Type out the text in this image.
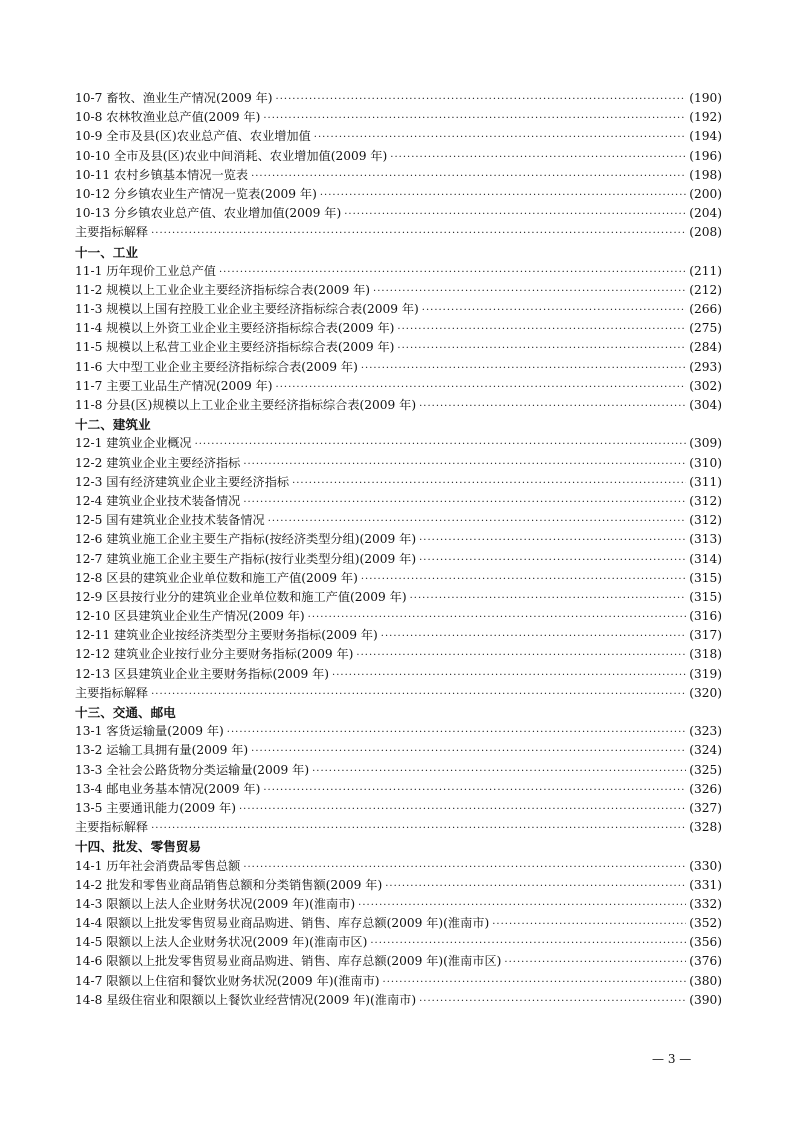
10-7 畜牧、渔业生产情况(2009 年) ·····	(190)
10-8 农林牧渔业总产值(2009 年) ·····	(192)
10-9 全市及县(区)农业总产值、农业增加值 ·····	(194)
10-10 全市及县(区)农业中间消耗、农业增加值(2009 年) ·····	(196)
10-11 农村乡镇基本情况一览表 ·····	(198)
10-12 分乡镇农业生产情况一览表(2009 年) ·····	(200)
10-13 分乡镇农业总产值、农业增加值(2009 年) ·····	(204)
主要指标解释 ·····	(208)
十一、工业
11-1 历年现价工业总产值 ·····	(211)
11-2 规模以上工业企业主要经济指标综合表(2009 年) ·····	(212)
11-3 规模以上国有控股工业企业主要经济指标综合表(2009 年) ·····	(266)
11-4 规模以上外资工业企业主要经济指标综合表(2009 年) ·····	(275)
11-5 规模以上私营工业企业主要经济指标综合表(2009 年) ·····	(284)
11-6 大中型工业企业主要经济指标综合表(2009 年) ·····	(293)
11-7 主要工业品生产情况(2009 年) ·····	(302)
11-8 分县(区)规模以上工业企业主要经济指标综合表(2009 年) ·····	(304)
十二、建筑业
12-1 建筑业企业概况 ·····	(309)
12-2 建筑业企业主要经济指标 ·····	(310)
12-3 国有经济建筑业企业主要经济指标 ·····	(311)
12-4 建筑业企业技术装备情况 ·····	(312)
12-5 国有建筑业企业技术装备情况 ·····	(312)
12-6 建筑业施工企业主要生产指标(按经济类型分组)(2009 年) ·····	(313)
12-7 建筑业施工企业主要生产指标(按行业类型分组)(2009 年) ·····	(314)
12-8 区县的建筑业企业单位数和施工产值(2009 年) ·····	(315)
12-9 区县按行业分的建筑业企业单位数和施工产值(2009 年) ·····	(315)
12-10 区县建筑业企业生产情况(2009 年) ·····	(316)
12-11 建筑业企业按经济类型分主要财务指标(2009 年) ·····	(317)
12-12 建筑业企业按行业分主要财务指标(2009 年) ·····	(318)
12-13 区县建筑业企业主要财务指标(2009 年) ·····	(319)
主要指标解释 ·····	(320)
十三、交通、邮电
13-1 客货运输量(2009 年) ·····	(323)
13-2 运输工具拥有量(2009 年) ·····	(324)
13-3 全社会公路货物分类运输量(2009 年) ·····	(325)
13-4 邮电业务基本情况(2009 年) ·····	(326)
13-5 主要通讯能力(2009 年) ·····	(327)
主要指标解释 ·····	(328)
十四、批发、零售贸易
14-1 历年社会消费品零售总额 ·····	(330)
14-2 批发和零售业商品销售总额和分类销售额(2009 年) ·····	(331)
14-3 限额以上法人企业财务状况(2009 年)(淮南市) ·····	(332)
14-4 限额以上批发零售贸易业商品购进、销售、库存总额(2009 年)(淮南市) ·····	(352)
14-5 限额以上法人企业财务状况(2009 年)(淮南市区) ·····	(356)
14-6 限额以上批发零售贸易业商品购进、销售、库存总额(2009 年)(淮南市区) ·····	(376)
14-7 限额以上住宿和餐饮业财务状况(2009 年)(淮南市) ·····	(380)
14-8 星级住宿业和限额以上餐饮业经营情况(2009 年)(淮南市) ·····	(390)
— 3 —
